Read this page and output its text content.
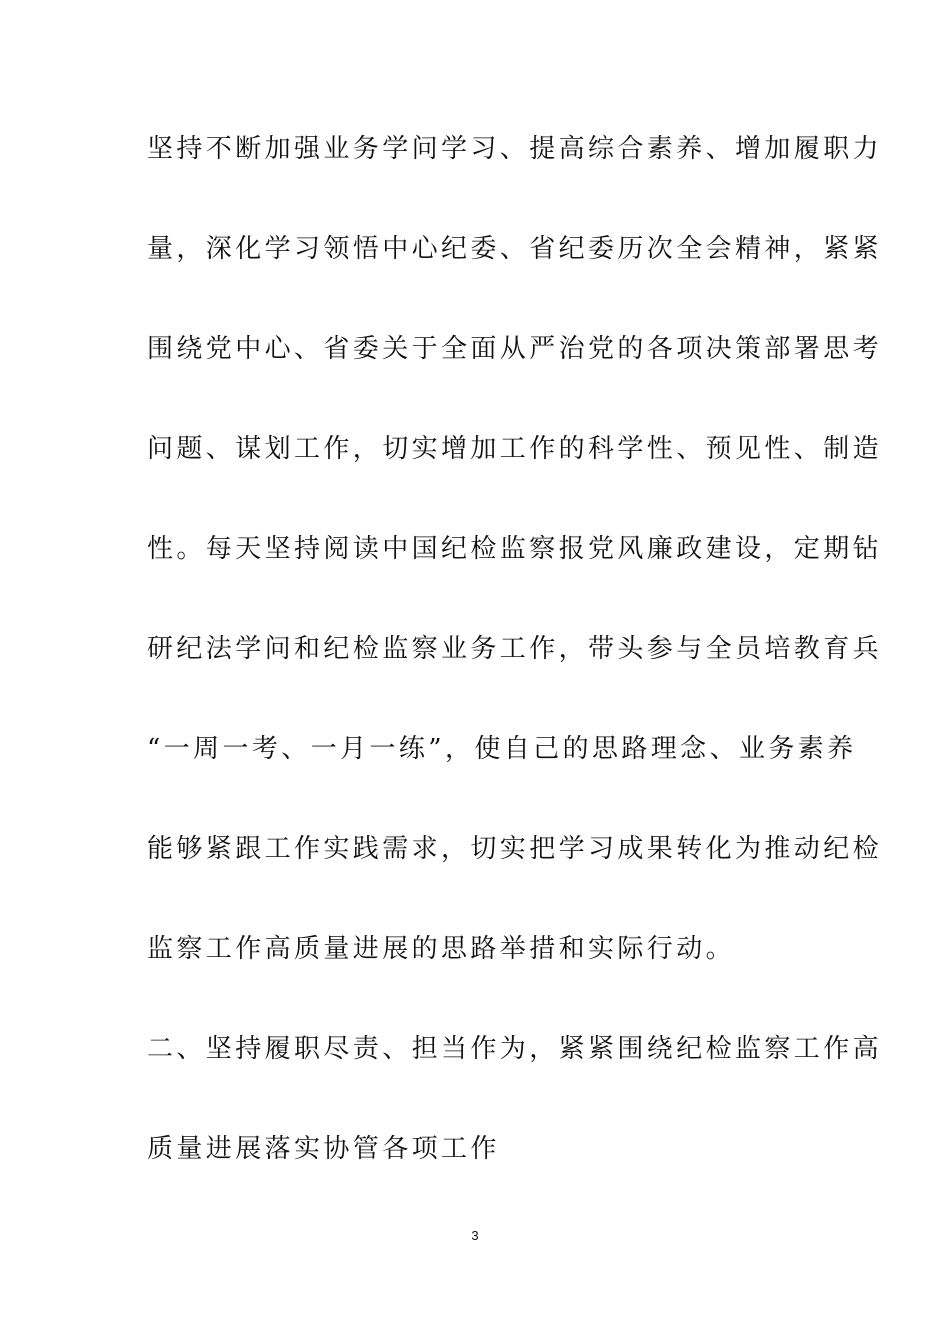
坚持不断加强业务学问学习、提高综合素养、增加履职力
量，深化学习领悟中心纪委、省纪委历次全会精神，紧紧
围绕党中心、省委关于全面从严治党的各项决策部署思考
问题、谋划工作，切实增加工作的科学性、预见性、制造
性。每天坚持阅读中国纪检监察报党风廉政建设，定期钻
研纪法学问和纪检监察业务工作，带头参与全员培教育兵
“一周一考、一月一练”，使自己的思路理念、业务素养
能够紧跟工作实践需求，切实把学习成果转化为推动纪检
监察工作高质量进展的思路举措和实际行动。
二、坚持履职尽责、担当作为，紧紧围绕纪检监察工作高
质量进展落实协管各项工作
3
